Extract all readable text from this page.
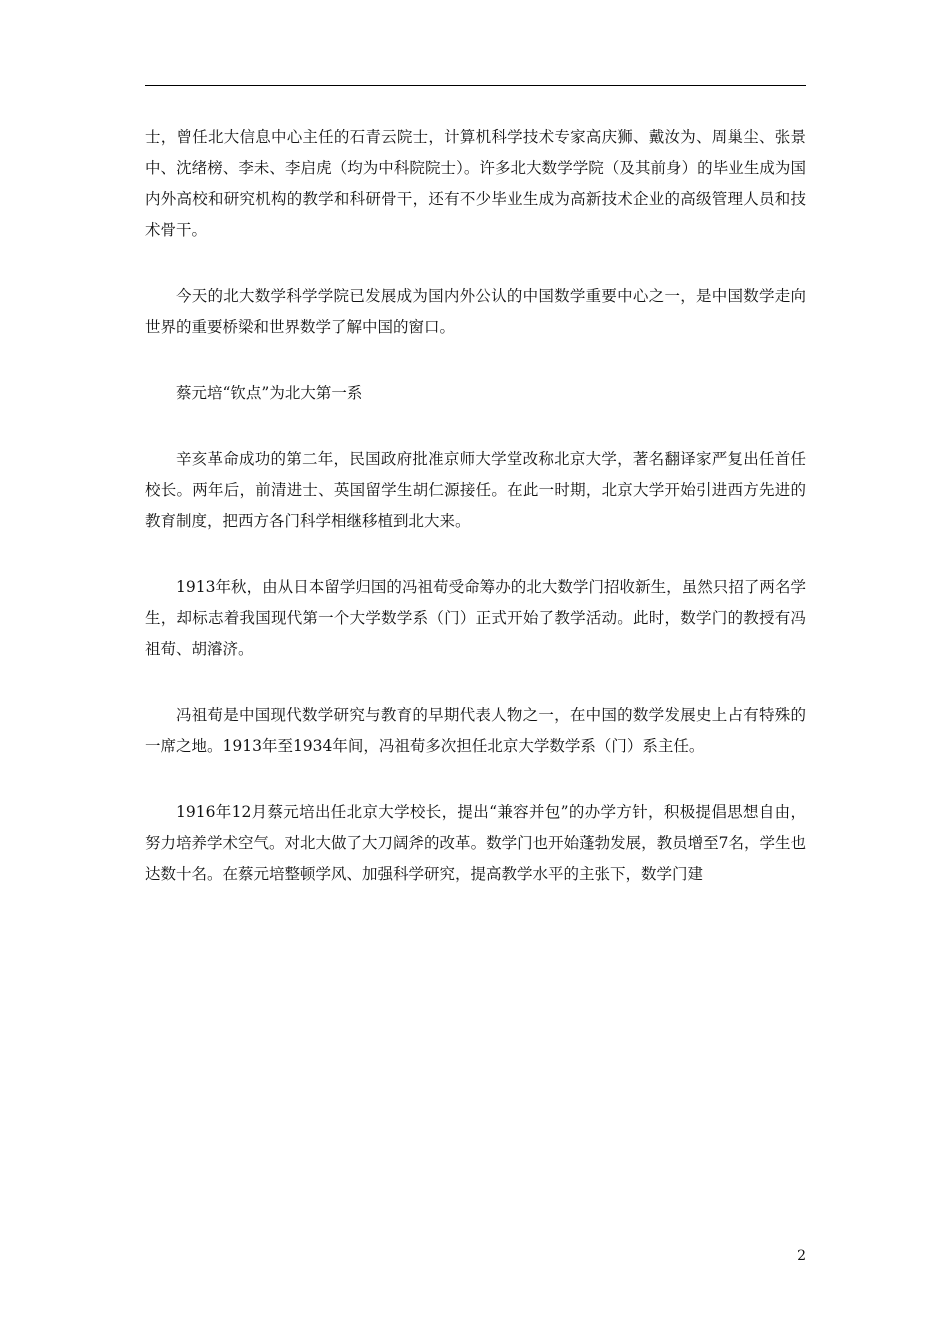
士，曾任北大信息中心主任的石青云院士，计算机科学技术专家高庆狮、戴汝为、周巢尘、张景中、沈绪榜、李未、李启虎（均为中科院院士）。许多北大数学学院（及其前身）的毕业生成为国内外高校和研究机构的教学和科研骨干，还有不少毕业生成为高新技术企业的高级管理人员和技术骨干。

今天的北大数学科学学院已发展成为国内外公认的中国数学重要中心之一，是中国数学走向世界的重要桥梁和世界数学了解中国的窗口。

蔡元培“钦点”为北大第一系

辛亥革命成功的第二年，民国政府批准京师大学堂改称北京大学，著名翻译家严复出任首任校长。两年后，前清进士、英国留学生胡仁源接任。在此一时期，北京大学开始引进西方先进的教育制度，把西方各门科学相继移植到北大来。

1913年秋，由从日本留学归国的冯祖荀受命筹办的北大数学门招收新生，虽然只招了两名学生，却标志着我国现代第一个大学数学系（门）正式开始了教学活动。此时，数学门的教授有冯祖荀、胡濬济。

冯祖荀是中国现代数学研究与教育的早期代表人物之一，在中国的数学发展史上占有特殊的一席之地。1913年至1934年间，冯祖荀多次担任北京大学数学系（门）系主任。

1916年12月蔡元培出任北京大学校长，提出“兼容并包”的办学方针，积极提倡思想自由，努力培养学术空气。对北大做了大刀阔斧的改革。数学门也开始蓬勃发展，教员增至7名，学生也达数十名。在蔡元培整顿学风、加强科学研究，提高教学水平的主张下，数学门建

2
